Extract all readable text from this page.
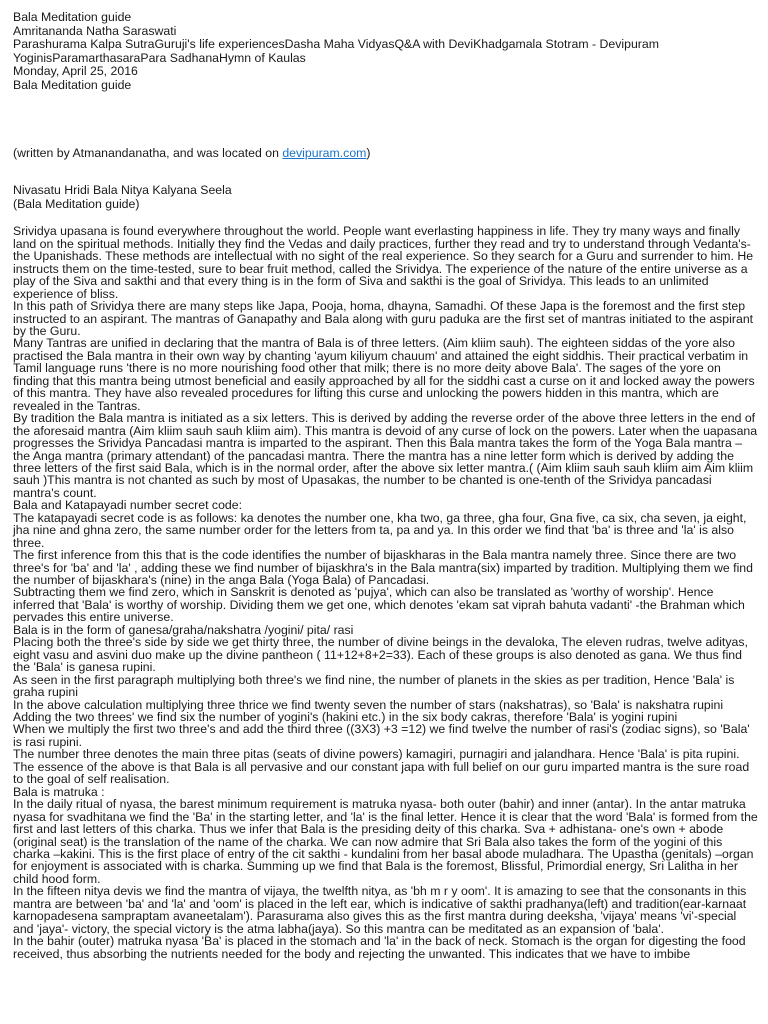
Bala Meditation guide

Amritananda Natha Saraswati

Parashurama Kalpa SutraGuruji's life experiencesDasha Maha VidyasQ&A with DeviKhadgamala Stotram - Devipuram

YoginisParamarthasaraPara SadhanaHymn of Kaulas

Monday, April 25, 2016

Bala Meditation guide

(written by Atmanandanatha, and was located on devipuram.com)

Nivasatu Hridi Bala Nitya Kalyana Seela

(Bala Meditation guide)

Srividya upasana is found everywhere throughout the world. People want everlasting happiness in life. They try many ways and finally land on the spiritual methods. Initially they find the Vedas and daily practices, further they read and try to understand through Vedanta's- the Upanishads. These methods are intellectual with no sight of the real experience. So they search for a Guru and surrender to him. He instructs them on the time-tested, sure to bear fruit method, called the Srividya. The experience of the nature of the entire universe as a play of the Siva and sakthi and that every thing is in the form of Siva and sakthi is the goal of Srividya. This leads to an unlimited experience of bliss.

In this path of Srividya there are many steps like Japa, Pooja, homa, dhayna, Samadhi. Of these Japa is the foremost and the first step instructed to an aspirant. The mantras of Ganapathy and Bala along with guru paduka are the first set of mantras initiated to the aspirant by the Guru.

Many Tantras are unified in declaring that the mantra of Bala is of three letters. (Aim kliim sauh). The eighteen siddas of the yore also practised the Bala mantra in their own way by chanting 'ayum kiliyum chauum' and attained the eight siddhis. Their practical verbatim in Tamil language runs 'there is no more nourishing food other that milk; there is no more deity above Bala'. The sages of the yore on finding that this mantra being utmost beneficial and easily approached by all for the siddhi cast a curse on it and locked away the powers of this mantra. They have also revealed procedures for lifting this curse and unlocking the powers hidden in this mantra, which are revealed in the Tantras.

By tradition the Bala mantra is initiated as a six letters. This is derived by adding the reverse order of the above three letters in the end of the aforesaid mantra (Aim kliim sauh sauh kliim aim). This mantra is devoid of any curse of lock on the powers. Later when the uapasana progresses the Srividya Pancadasi mantra is imparted to the aspirant. Then this Bala mantra takes the form of the Yoga Bala mantra – the Anga mantra (primary attendant) of the pancadasi mantra. There the mantra has a nine letter form which is derived by adding the three letters of the first said Bala, which is in the normal order, after the above six letter mantra.( (Aim kliim sauh sauh kliim aim Aim kliim sauh )This mantra is not chanted as such by most of Upasakas, the number to be chanted is one-tenth of the Srividya pancadasi mantra's count.

Bala and Katapayadi number secret code:

The katapayadi secret code is as follows: ka denotes the number one, kha two, ga three, gha four, Gna five, ca six, cha seven, ja eight, jha nine and ghna zero, the same number order for the letters from ta, pa and ya. In this order we find that 'ba' is three and 'la' is also three.

The first inference from this that is the code identifies the number of bijaskharas in the Bala mantra namely three. Since there are two three's for 'ba' and 'la' , adding these we find number of bijaskhra's in the Bala mantra(six) imparted by tradition. Multiplying them we find the number of bijaskhara's (nine) in the anga Bala (Yoga Bala) of Pancadasi.

Subtracting them we find zero, which in Sanskrit is denoted as 'pujya', which can also be translated as 'worthy of worship'. Hence inferred that 'Bala' is worthy of worship. Dividing them we get one, which denotes 'ekam sat viprah bahuta vadanti' -the Brahman which pervades this entire universe.

Bala is in the form of ganesa/graha/nakshatra /yogini/ pita/ rasi

Placing both the three's side by side we get thirty three, the number of divine beings in the devaloka, The eleven rudras, twelve adityas, eight vasu and asvini duo make up the divine pantheon ( 11+12+8+2=33). Each of these groups is also denoted as gana. We thus find the 'Bala' is ganesa rupini.

As seen in the first paragraph multiplying both three's we find nine, the number of planets in the skies as per tradition, Hence 'Bala' is graha rupini

In the above calculation multiplying three thrice we find twenty seven the number of stars (nakshatras), so 'Bala' is nakshatra rupini

Adding the two threes' we find six the number of yogini's (hakini etc.) in the six body cakras, therefore 'Bala' is yogini rupini

When we multiply the first two three's and add the third three ((3X3) +3 =12) we find twelve the number of rasi's (zodiac signs), so 'Bala' is rasi rupini.

The number three denotes the main three pitas (seats of divine powers) kamagiri, purnagiri and jalandhara. Hence 'Bala' is pita rupini. The essence of the above is that Bala is all pervasive and our constant japa with full belief on our guru imparted mantra is the sure road to the goal of self realisation.

Bala is matruka :

In the daily ritual of nyasa, the barest minimum requirement is matruka nyasa- both outer (bahir) and inner (antar). In the antar matruka nyasa for svadhitana we find the 'Ba' in the starting letter, and 'la' is the final letter. Hence it is clear that the word 'Bala' is formed from the first and last letters of this charka. Thus we infer that Bala is the presiding deity of this charka. Sva + adhistana- one's own + abode (original seat) is the translation of the name of the charka. We can now admire that Sri Bala also takes the form of the yogini of this charka –kakini. This is the first place of entry of the cit sakthi - kundalini from her basal abode muladhara. The Upastha (genitals) –organ for enjoyment is associated with is charka. Summing up we find that Bala is the foremost, Blissful, Primordial energy, Sri Lalitha in her child hood form.

In the fifteen nitya devis we find the mantra of vijaya, the twelfth nitya, as 'bh m r y oom'. It is amazing to see that the consonants in this mantra are between 'ba' and 'la' and 'oom' is placed in the left ear, which is indicative of sakthi pradhanya(left) and tradition(ear-karnaat karnopadesena sampraptam avaneetalam'). Parasurama also gives this as the first mantra during deeksha, 'vijaya' means 'vi'-special and 'jaya'- victory, the special victory is the atma labha(jaya). So this mantra can be meditated as an expansion of 'bala'.

In the bahir (outer) matruka nyasa 'Ba' is placed in the stomach and 'la' in the back of neck. Stomach is the organ for digesting the food received, thus absorbing the nutrients needed for the body and rejecting the unwanted. This indicates that we have to imbibe
